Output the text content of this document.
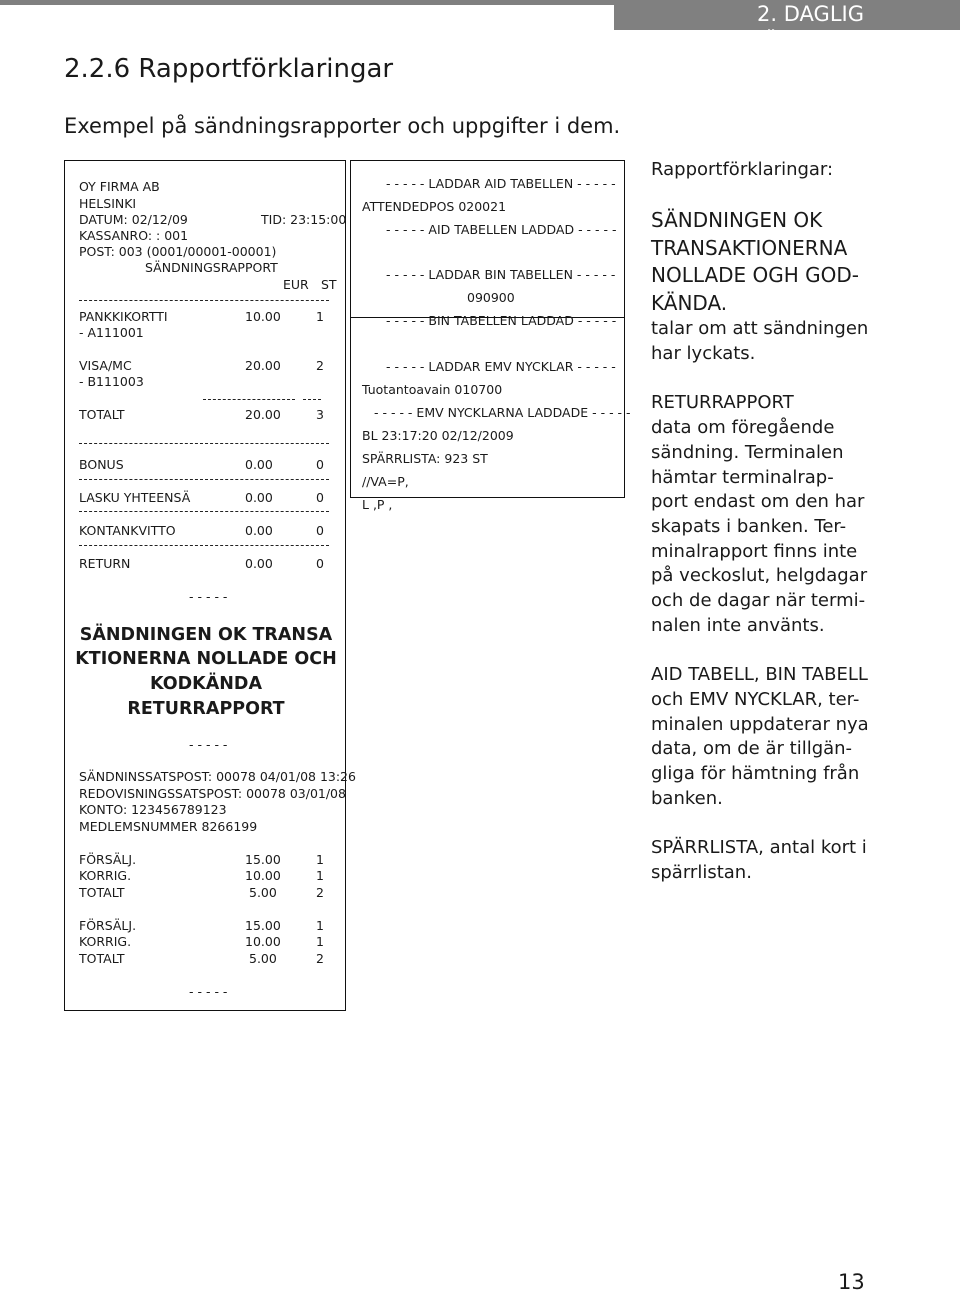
2. DAGLIG ANVÄNDNING
2.2.6 Rapportförklaringar
Exempel på sändningsrapporter och uppgifter i dem.
OY FIRMA AB
HELSINKI
DATUM: 02/12/09	TID: 23:15:00
KASSANRO: : 001
POST: 003 (0001/00001-00001)
SÄNDNINGSRAPPORT
EUR ST
PANKKIKORTTI	10.00	1
- A111001
VISA/MC	20.00	2
- B111003
TOTALT	20.00	3
BONUS	0.00	0
LASKU YHTEENSÄ	0.00	0
KONTANKVITTO	0.00	0
RETURN	0.00	0
- - - - -
SÄNDNINGEN OK TRANSA
KTIONERNA NOLLADE OCH
KODKÄNDA
RETURRAPPORT
- - - - -
SÄNDNINSSATSPOST: 00078 04/01/08 13:26
REDOVISNINGSSATSPOST: 00078 03/01/08
KONTO: 123456789123
MEDLEMSNUMMER 8266199
FÖRSÄLJ.	15.00	1
KORRIG.	10.00	1
TOTALT	5.00	2
FÖRSÄLJ.	15.00	1
KORRIG.	10.00	1
TOTALT	5.00	2
- - - - -
- - - - - LADDAR AID TABELLEN - - - - -
ATTENDEDPOS 020021
- - - - - AID TABELLEN LADDAD - - - - -
- - - - - LADDAR BIN TABELLEN - - - - -
090900
- - - - - BIN TABELLEN LADDAD - - - - -
- - - - - LADDAR EMV NYCKLAR - - - - -
Tuotantoavain 010700
- - - - - EMV NYCKLARNA LADDADE - - - - -
BL 23:17:20 02/12/2009
SPÄRRLISTA: 923 ST
//VA=P,
L ,P ,

Rapportförklaringar:

SÄNDNINGEN OK
TRANSAKTIONERNA
NOLLADE OGH GOD-
KÄNDA.

talar om att sändningen
har lyckats.

RETURRAPPORT
data om föregående
sändning. Terminalen
hämtar terminalrap-
port endast om den har
skapats i banken. Ter-
minalrapport finns inte
på veckoslut, helgdagar
och de dagar när termi-
nalen inte använts.

AID TABELL, BIN TABELL
och EMV NYCKLAR, ter-
minalen uppdaterar nya
data, om de är tillgän-
gliga för hämtning från
banken.

SPÄRRLISTA, antal kort i
spärrlistan.

13
